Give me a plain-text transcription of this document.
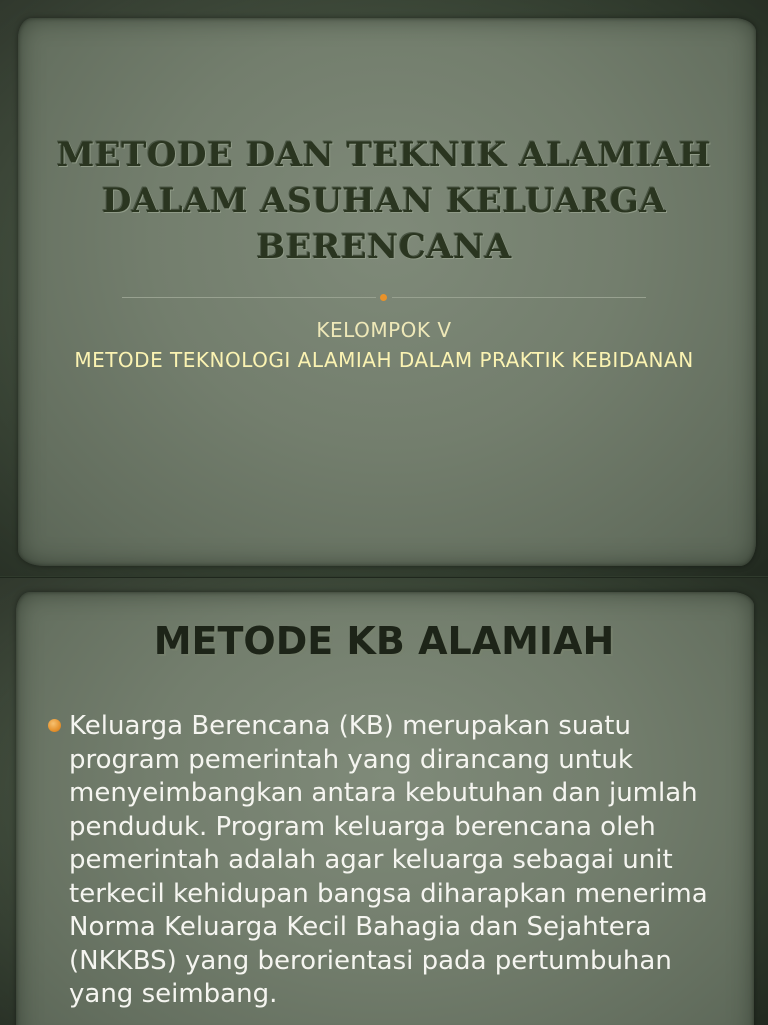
METODE DAN TEKNIK ALAMIAH DALAM ASUHAN KELUARGA BERENCANA
KELOMPOK V
METODE TEKNOLOGI ALAMIAH DALAM PRAKTIK KEBIDANAN
METODE KB ALAMIAH

Keluarga Berencana (KB) merupakan suatu program pemerintah yang dirancang untuk menyeimbangkan antara kebutuhan dan jumlah penduduk. Program keluarga berencana oleh pemerintah adalah agar keluarga sebagai unit terkecil kehidupan bangsa diharapkan menerima Norma Keluarga Kecil Bahagia dan Sejahtera (NKKBS) yang berorientasi pada pertumbuhan yang seimbang.
